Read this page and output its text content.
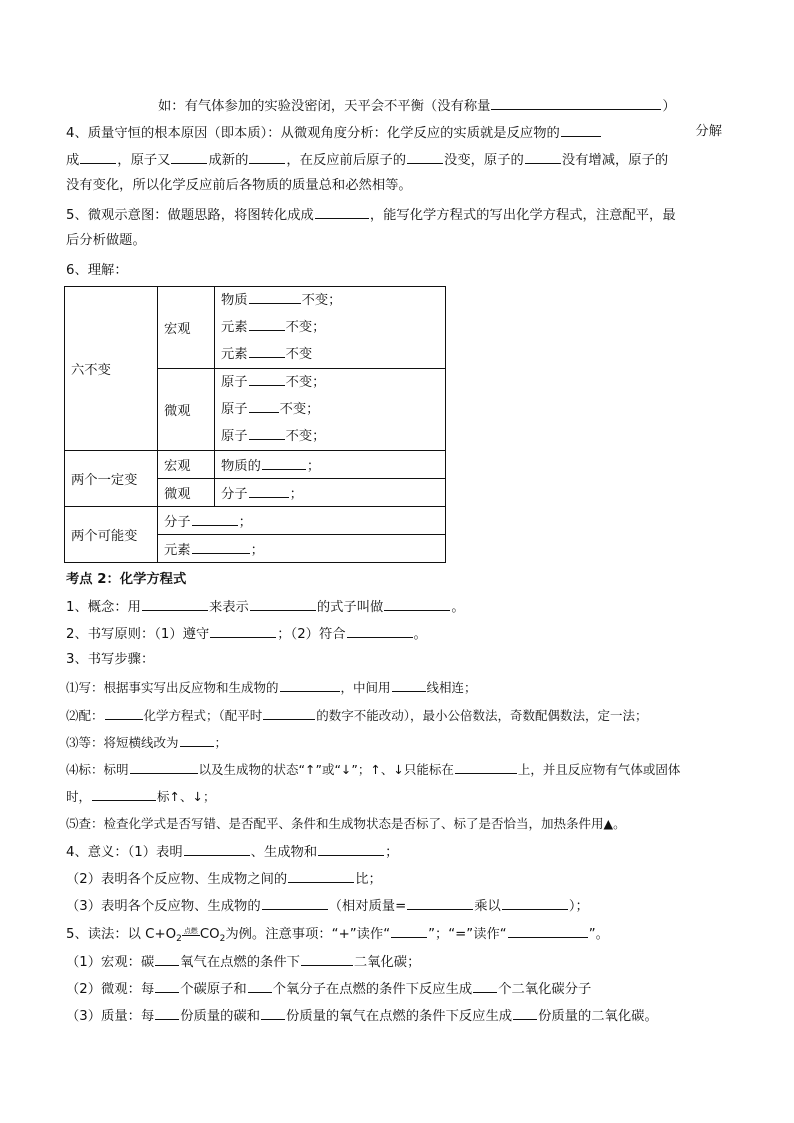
如：有气体参加的实验没密闭，天平会不平衡（没有称量	）
4、质量守恒的根本原因（即本质）：从微观角度分析：化学反应的实质就是反应物的	分解
成	，原子又	成新的	，在反应前后原子的	没变，原子的	没有增减，原子的
没有变化，所以化学反应前后各物质的质量总和必然相等。
5、微观示意图：做题思路，将图转化成成	，能写化学方程式的写出化学方程式，注意配平，最
后分析做题。
6、理解：
六不变	宏观	物质 不变；
元素 不变；
元素 不变

	微观	原子 不变；
原子 不变；
原子 不变；

两个一定变	宏观	物质的 ；
	微观	分子 ；
两个可能变	分子 ；	
	元素 ；	
考点 2：化学方程式
1、概念：用	来表示	的式子叫做	。
2、书写原则：（1）遵守	；（2）符合	。
3、书写步骤：
⑴写：根据事实写出反应物和生成物的	，中间用	线相连；
⑵配：	化学方程式；（配平时	的数字不能改动），最小公倍数法，奇数配偶数法，定一法；
⑶等：将短横线改为	；
⑷标：标明	以及生成物的状态“↑”或“↓”；↑、↓只能标在	上，并且反应物有气体或固体
时，	标↑、↓；
⑸查：检查化学式是否写错、是否配平、条件和生成物状态是否标了、标了是否恰当，加热条件用▲。
4、意义：（1）表明	、生成物和	；
（2）表明各个反应物、生成物之间的	比；
（3）表明各个反应物、生成物的	（相对质量=	乘以	）；
5、读法：以 $C+O_2$点燃 $CO_2$为例。注意事项：“+”读作“	”；“=”读作“	”。
（1）宏观：碳 氧气在点燃的条件下	二氧化碳；
（2）微观：每 个碳原子和 个氧分子在点燃的条件下反应生成 个二氧化碳分子
（3）质量：每 份质量的碳和 份质量的氧气在点燃的条件下反应生成 份质量的二氧化碳。
